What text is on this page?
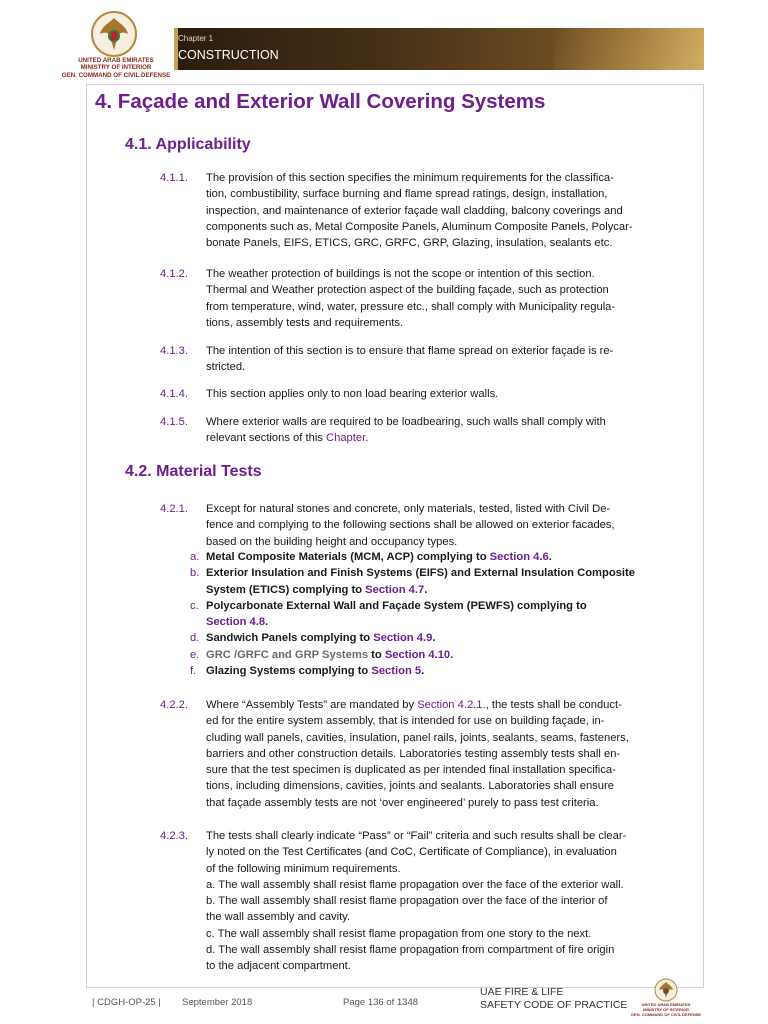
UNITED ARAB EMIRATES
MINISTRY OF INTERIOR
GEN. COMMAND OF CIVIL DEFENSE
Chapter 1
CONSTRUCTION
4. Façade and Exterior Wall Covering Systems
4.1. Applicability
4.1.1. The provision of this section specifies the minimum requirements for the classifica-
tion, combustibility, surface burning and flame spread ratings, design, installation,
inspection, and maintenance of exterior façade wall cladding, balcony coverings and
components such as, Metal Composite Panels, Aluminum Composite Panels, Polycar-
bonate Panels, EIFS, ETICS, GRC, GRFC, GRP, Glazing, insulation, sealants etc.
4.1.2. The weather protection of buildings is not the scope or intention of this section.
Thermal and Weather protection aspect of the building façade, such as protection
from temperature, wind, water, pressure etc., shall comply with Municipality regula-
tions, assembly tests and requirements.
4.1.3. The intention of this section is to ensure that flame spread on exterior façade is re-
stricted.
4.1.4. This section applies only to non load bearing exterior walls.
4.1.5. Where exterior walls are required to be loadbearing, such walls shall comply with
relevant sections of this Chapter.
4.2. Material Tests
4.2.1. Except for natural stones and concrete, only materials, tested, listed with Civil De-
fence and complying to the following sections shall be allowed on exterior facades,
based on the building height and occupancy types.
a. Metal Composite Materials (MCM, ACP) complying to Section 4.6.
b. Exterior Insulation and Finish Systems (EIFS) and External Insulation Composite
System (ETICS) complying to Section 4.7.
c. Polycarbonate External Wall and Façade System (PEWFS) complying to
Section 4.8.
d. Sandwich Panels complying to Section 4.9.
e. GRC /GRFC and GRP Systems to Section 4.10.
f. Glazing Systems complying to Section 5.
4.2.2. Where “Assembly Tests” are mandated by Section 4.2.1., the tests shall be conduct-
ed for the entire system assembly, that is intended for use on building façade, in-
cluding wall panels, cavities, insulation, panel rails, joints, sealants, seams, fasteners,
barriers and other construction details. Laboratories testing assembly tests shall en-
sure that the test specimen is duplicated as per intended final installation specifica-
tions, including dimensions, cavities, joints and sealants. Laboratories shall ensure
that façade assembly tests are not ‘over engineered’ purely to pass test criteria.
4.2.3. The tests shall clearly indicate “Pass” or “Fail” criteria and such results shall be clear-
ly noted on the Test Certificates (and CoC, Certificate of Compliance), in evaluation
of the following minimum requirements.
a. The wall assembly shall resist flame propagation over the face of the exterior wall.
b. The wall assembly shall resist flame propagation over the face of the interior of
the wall assembly and cavity.
c. The wall assembly shall resist flame propagation from one story to the next.
d. The wall assembly shall resist flame propagation from compartment of fire origin
to the adjacent compartment.
| CDGH-OP-25 | September 2018	Page 136 of 1348
UAE FIRE & LIFE
SAFETY CODE OF PRACTICE	UNITED ARAB EMIRATES
MINISTRY OF INTERIOR
GEN. COMMAND OF CIVIL DEFENSE
